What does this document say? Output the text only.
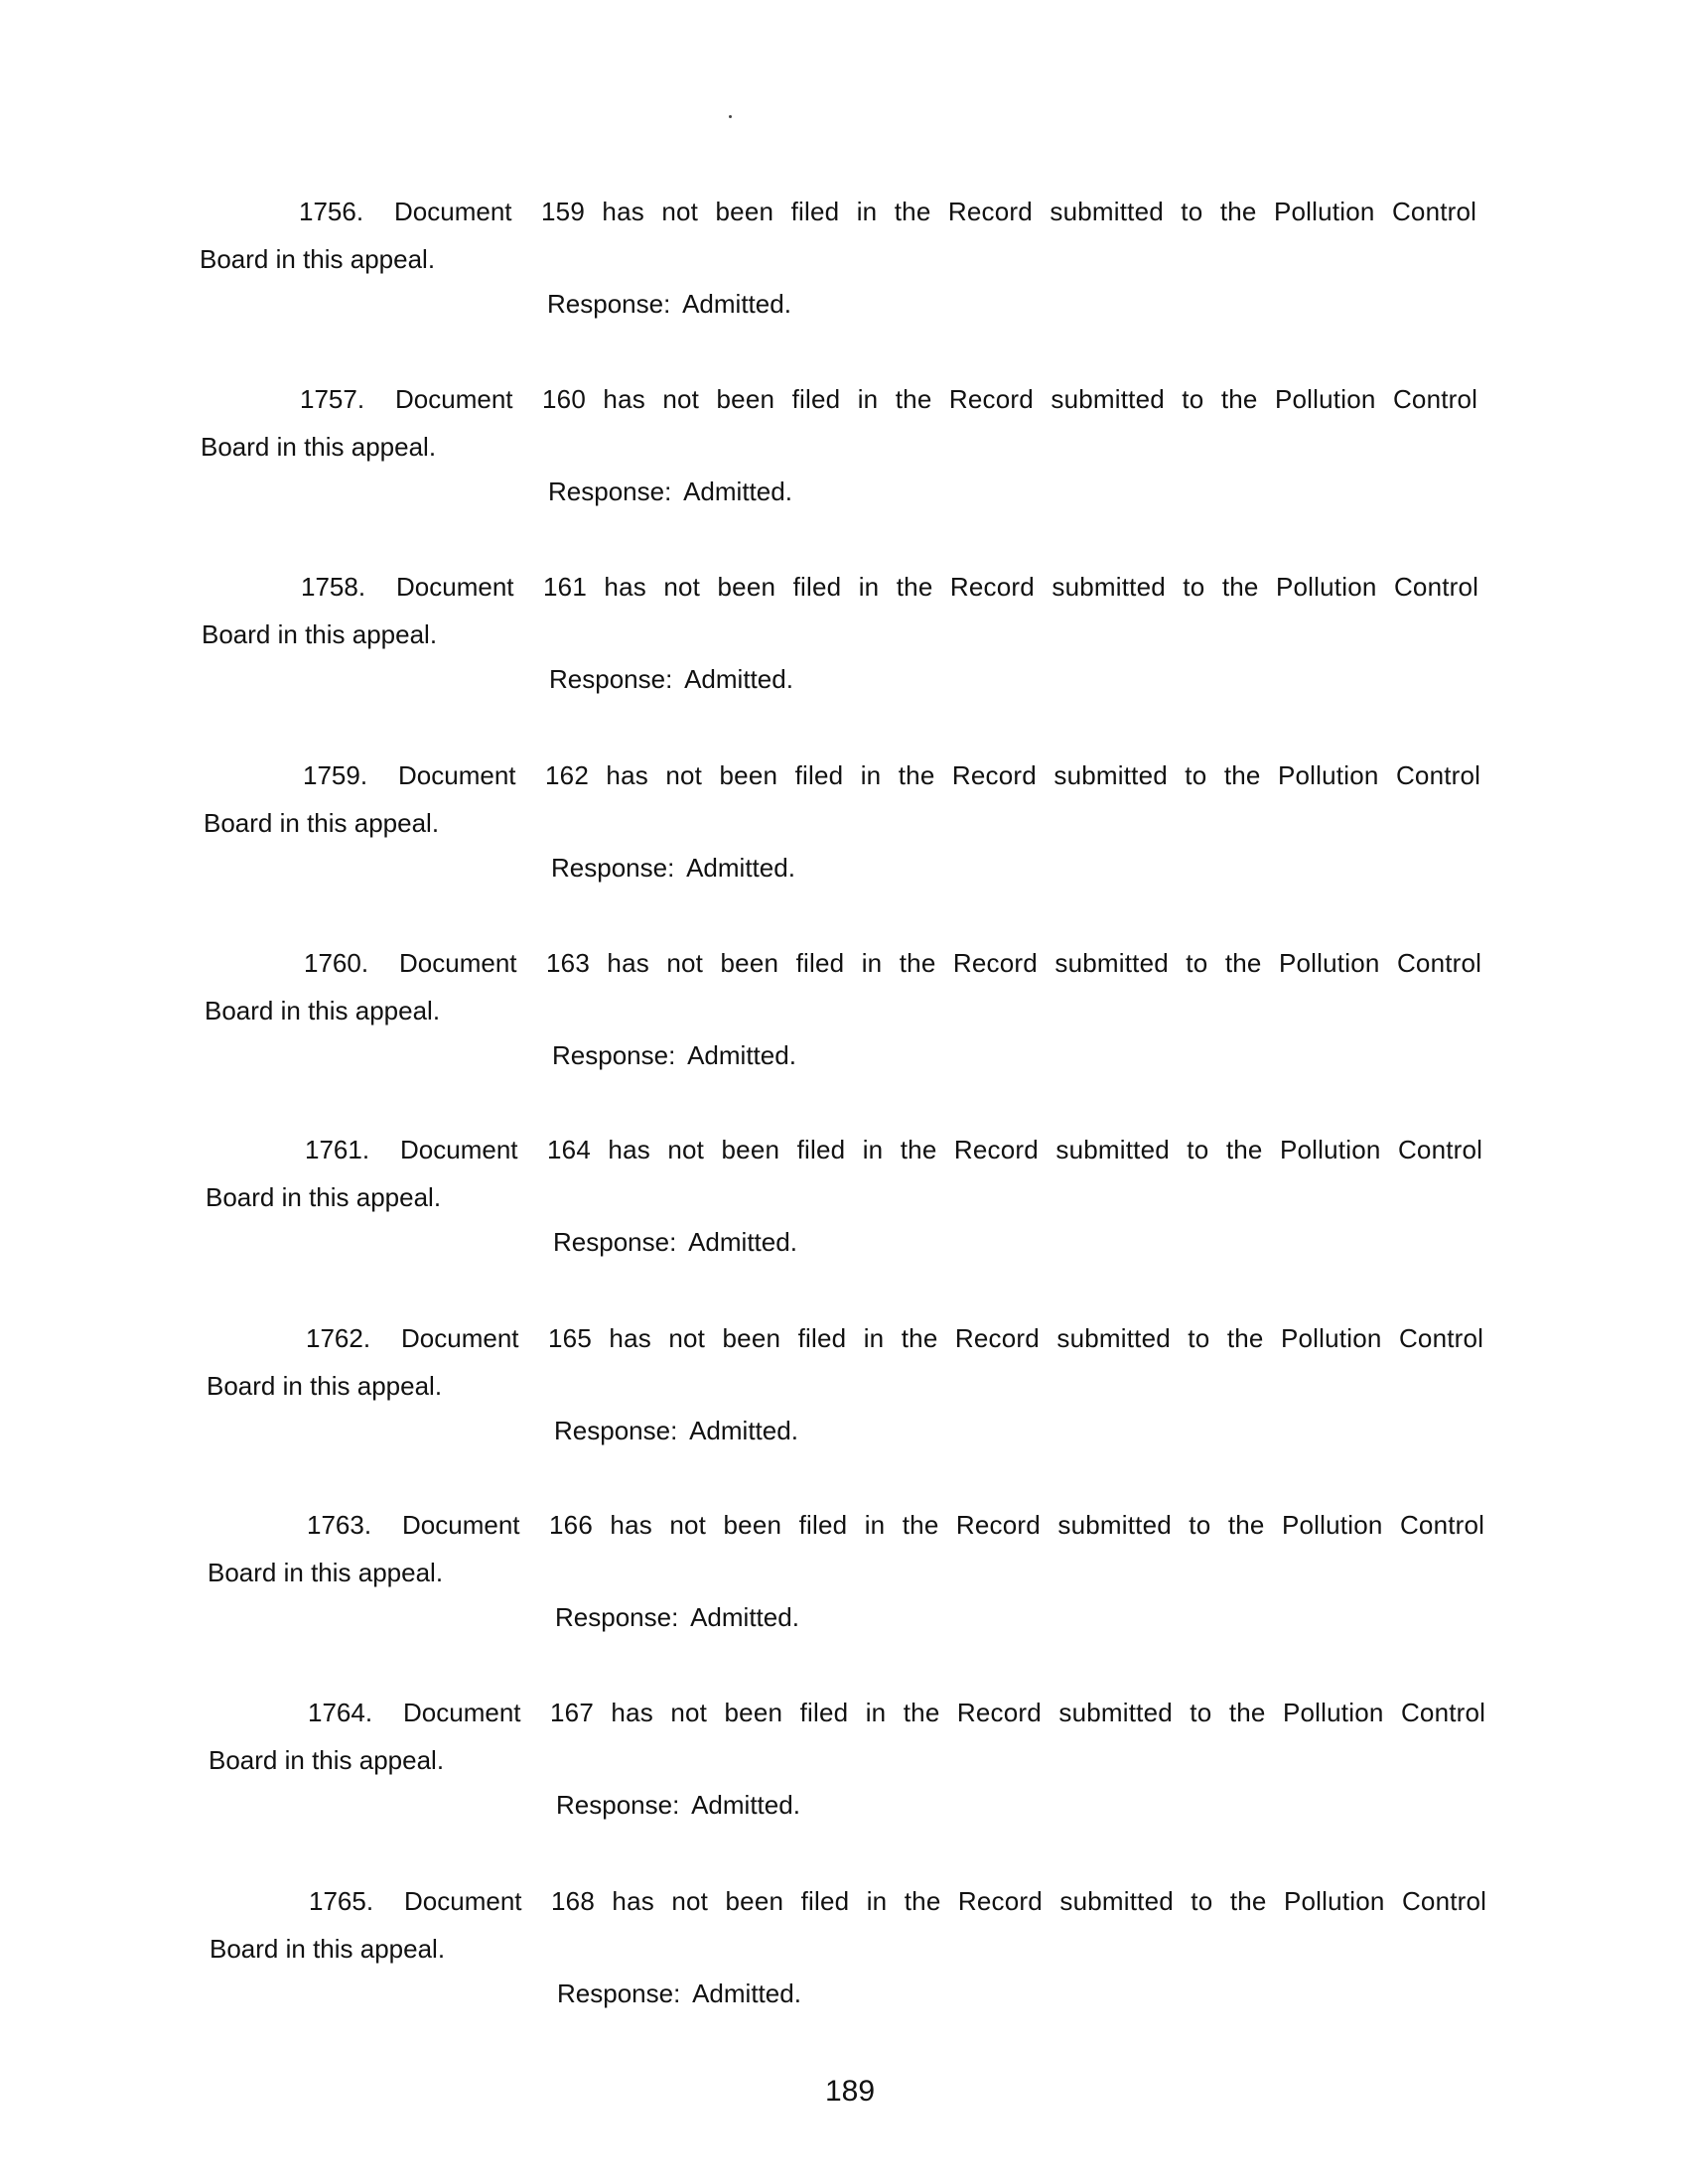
1756.	Document	159 has not been filed in the Record submitted to the Pollution Control
Board in this appeal.
Response: Admitted.
1757.	Document	160 has not been filed in the Record submitted to the Pollution Control
Board in this appeal.
Response: Admitted.
1758.	Document	161 has not been filed in the Record submitted to the Pollution Control
Board in this appeal.
Response: Admitted.
1759.	Document	162 has not been filed in the Record submitted to the Pollution Control
Board in this appeal.
Response: Admitted.
1760.	Document	163 has not been filed in the Record submitted to the Pollution Control
Board in this appeal.
Response: Admitted.
1761.	Document	164 has not been filed in the Record submitted to the Pollution Control
Board in this appeal.
Response: Admitted.
1762.	Document	165 has not been filed in the Record submitted to the Pollution Control
Board in this appeal.
Response: Admitted.
1763.	Document	166 has not been filed in the Record submitted to the Pollution Control
Board in this appeal.
Response: Admitted.
1764.	Document	167 has not been filed in the Record submitted to the Pollution Control
Board in this appeal.
Response: Admitted.
1765.	Document	168 has not been filed in the Record submitted to the Pollution Control
Board in this appeal.
Response: Admitted.
189
